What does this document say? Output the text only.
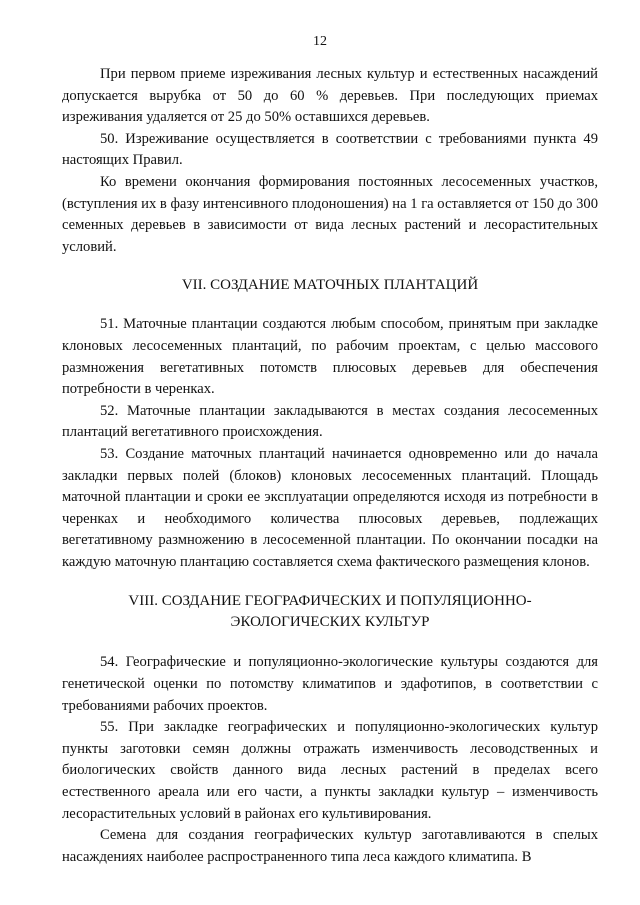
12

При первом приеме изреживания лесных культур и естественных насаждений допускается вырубка от 50 до 60 % деревьев. При последующих приемах изреживания удаляется от 25 до 50% оставшихся деревьев.

50. Изреживание осуществляется в соответствии с требованиями пункта 49 настоящих Правил.

Ко времени окончания формирования постоянных лесосеменных участков, (вступления их в фазу интенсивного плодоношения) на 1 га оставляется от 150 до 300 семенных деревьев в зависимости от вида лесных растений и лесорастительных условий.

VII. СОЗДАНИЕ МАТОЧНЫХ ПЛАНТАЦИЙ

51. Маточные плантации создаются любым способом, принятым при закладке клоновых лесосеменных плантаций, по рабочим проектам, с целью массового размножения вегетативных потомств плюсовых деревьев для обеспечения потребности в черенках.

52. Маточные плантации закладываются в местах создания лесосеменных плантаций вегетативного происхождения.

53. Создание маточных плантаций начинается одновременно или до начала закладки первых полей (блоков) клоновых лесосеменных плантаций. Площадь маточной плантации и сроки ее эксплуатации определяются исходя из потребности в черенках и необходимого количества плюсовых деревьев, подлежащих вегетативному размножению в лесосеменной плантации. По окончании посадки на каждую маточную плантацию составляется схема фактического размещения клонов.

VIII. СОЗДАНИЕ ГЕОГРАФИЧЕСКИХ И ПОПУЛЯЦИОННО-
ЭКОЛОГИЧЕСКИХ КУЛЬТУР

54. Географические и популяционно-экологические культуры создаются для генетической оценки по потомству климатипов и эдафотипов, в соответствии с требованиями рабочих проектов.

55. При закладке географических и популяционно-экологических культур пункты заготовки семян должны отражать изменчивость лесоводственных и биологических свойств данного вида лесных растений в пределах всего естественного ареала или его части, а пункты закладки культур – изменчивость лесорастительных условий в районах его культивирования.

Семена для создания географических культур заготавливаются в спелых насаждениях наиболее распространенного типа леса каждого климатипа. В
